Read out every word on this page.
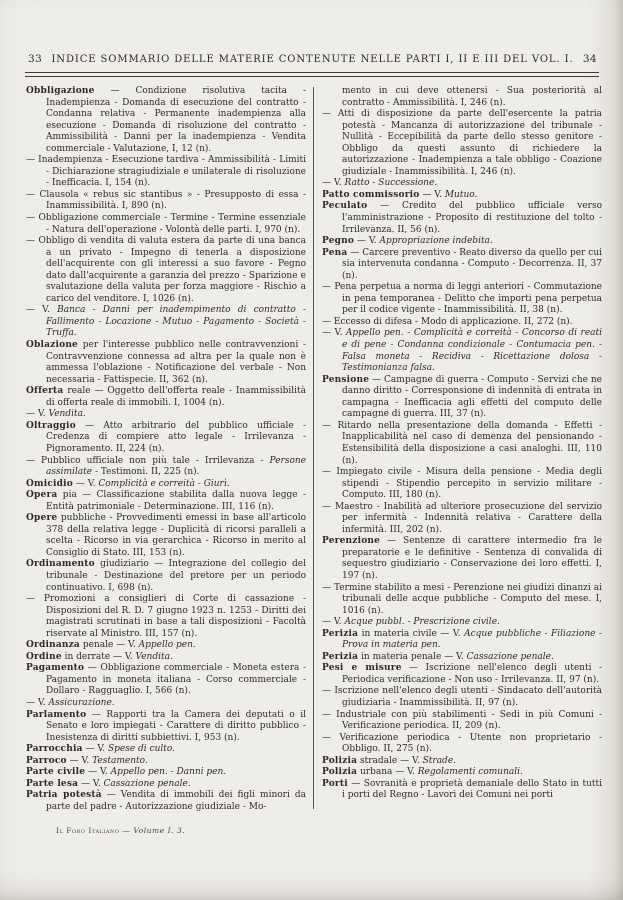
33 INDICE SOMMARIO DELLE MATERIE CONTENUTE NELLE PARTI I, II E III DEL VOL. I. 34

Obbligazione — Condizione risolutiva tacita - Inadempienza - Domanda di esecuzione del contratto - Condanna relativa - Permanente inadempienza alla esecuzione - Domanda di risoluzione del contratto - Ammissibilità - Danni per la inadempienza - Vendita commerciale - Valutazione, I, 12 (n).

— Inadempienza - Esecuzione tardiva - Ammissibilità - Limiti - Dichiarazione stragiudiziale e unilaterale di risoluzione - Inefficacia. I, 154 (n).

— Clausola « rebus sic stantibus » - Presupposto di essa - Inammissibilità. I, 890 (n).

— Obbligazione commerciale - Termine - Termine essenziale - Natura dell'operazione - Volontà delle parti. I, 970 (n).

— Obbligo di vendita di valuta estera da parte di una banca a un privato - Impegno di tenerla a disposizione dell'acquirente con gli interessi a suo favore - Pegno dato dall'acquirente a garanzia del prezzo - Sparizione e svalutazione della valuta per forza maggiore - Rischio a carico del venditore. I, 1026 (n).

— V. Banca - Danni per inadempimento di contratto - Fallimento - Locazione - Mutuo - Pagamento - Società - Truffa.

Oblazione per l'interesse pubblico nelle contravvenzioni - Contravvenzione connessa ad altra per la quale non è ammessa l'oblazione - Notificazione del verbale - Non necessaria - Fattispecie. II, 362 (n).

Offerta reale — Oggetto dell'offerta reale - Inammissibilità di offerta reale di immobili. I, 1004 (n).

— V. Vendita.

Oltraggio — Atto arbitrario del pubblico ufficiale - Credenza di compiere atto legale - Irrilevanza - Pignoramento. II, 224 (n).

— Pubblico ufficiale non più tale - Irrilevanza - Persone assimilate - Testimoni. II, 225 (n).

Omicidio — V. Complicità e correità - Giurì.

Opera pia — Classificazione stabilita dalla nuova legge - Entità patrimoniale - Determinazione. III, 116 (n).

Opere pubbliche - Provvedimenti emessi in base all'articolo 378 della relativa legge - Duplicità di ricorsi paralleli a scelta - Ricorso in via gerarchica - Ricorso in merito al Consiglio di Stato. III, 153 (n).

Ordinamento giudiziario — Integrazione del collegio del tribunale - Destinazione del pretore per un periodo continuativo. I, 698 (n).

— Promozioni a consiglieri di Corte di cassazione - Disposizioni del R. D. 7 giugno 1923 n. 1253 - Diritti dei magistrati scrutinati in base a tali disposizioni - Facoltà riservate al Ministro. III, 157 (n).

Ordinanza penale — V. Appello pen.

Ordine in derrate — V. Vendita.

Pagamento — Obbligazione commerciale - Moneta estera - Pagamento in moneta italiana - Corso commerciale - Dollaro - Ragguaglio. I, 566 (n).

— V. Assicurazione.

Parlamento — Rapporti tra la Camera dei deputati o il Senato e loro impiegati - Carattere di diritto pubblico - Inesistenza di diritti subbiettivi. I, 953 (n).

Parrocchia — V. Spese di culto.

Parroco — V. Testamento.

Parte civile — V. Appello pen. - Danni pen.

Parte lesa — V. Cassazione penale.

Patria potestà — Vendita di immobili dei figli minori da parte del padre - Autorizzazione giudiziale - Mo-

mento in cui deve ottenersi - Sua posteriorità al contratto - Ammissibilità. I, 246 (n).

— Atti di disposizione da parte dell'esercente la patria potestà - Mancanza di autorizzazione del tribunale - Nullità - Eccepibilità da parte dello stesso genitore - Obbligo da questi assunto di richiedere la autorizzazione - Inadempienza a tale obbligo - Coazione giudiziale - Inammissibilità. I, 246 (n).

— V. Ratto - Successione.

Patto commissorio — V. Mutuo.

Peculato — Credito del pubblico ufficiale verso l'amministrazione - Proposito di restituzione del tolto - Irrilevanza. II, 56 (n).

Pegno — V. Appropriazione indebita.

Pena — Carcere preventivo - Reato diverso da quello per cui sia intervenuta condanna - Computo - Decorrenza. II, 37 (n).

— Pena perpetua a norma di leggi anteriori - Commutazione in pena temporanea - Delitto che importi pena perpetua per il codice vigente - Inammissibilità. II, 38 (n).

— Eccesso di difesa - Modo di applicazione. II, 272 (n).

— V. Appello pen. - Complicità e correità - Concorso di reati e di pene - Condanna condizionale - Contumacia pen. - Falsa moneta - Recidiva - Ricettazione dolosa - Testimonianza falsa.

Pensione — Campagne di guerra - Computo - Servizi che ne danno diritto - Corresponsione di indennità di entrata in campagna - Inefficacia agli effetti del computo delle campagne di guerra. III, 37 (n).

— Ritardo nella presentazione della domanda - Effetti - Inapplicabilità nel caso di demenza del pensionando - Estensibilità della disposizione a casi analoghi. III, 110 (n).

— Impiegato civile - Misura della pensione - Media degli stipendi - Stipendio percepito in servizio militare - Computo. III, 180 (n).

— Maestro - Inabilità ad ulteriore prosecuzione del servizio per infermità - Indennità relativa - Carattere della infermità. III, 202 (n).

Perenzione — Sentenze di carattere intermedio fra le preparatorie e le definitive - Sentenza di convalida di sequestro giudiziario - Conservazione dei loro effetti. I, 197 (n).

— Termine stabilito a mesi - Perenzione nei giudizi dinanzi ai tribunali delle acque pubbliche - Computo del mese. I, 1016 (n).

— V. Acque pubbl. - Prescrizione civile.

Perizia in materia civile — V. Acque pubbliche - Filiazione - Prova in materia pen.

Perizia in materia penale — V. Cassazione penale.

Pesi e misure — Iscrizione nell'elenco degli utenti - Periodica verificazione - Non uso - Irrilevanza. II, 97 (n).

— Iscrizione nell'elenco degli utenti - Sindacato dell'autorità giudiziaria - Inammissibilità. II, 97 (n).

— Industriale con più stabilimenti - Sedi in più Comuni - Verificazione periodica. II, 209 (n).

— Verificazione periodica - Utente non proprietario - Obbligo. II, 275 (n).

Polizia stradale — V. Strade.

Polizia urbana — V. Regolamenti comunali.

Porti — Sovranità e proprietà demaniale dello Stato in tutti i porti del Regno - Lavori dei Comuni nei porti

Il Foro Italiano — Volume I. 3.
